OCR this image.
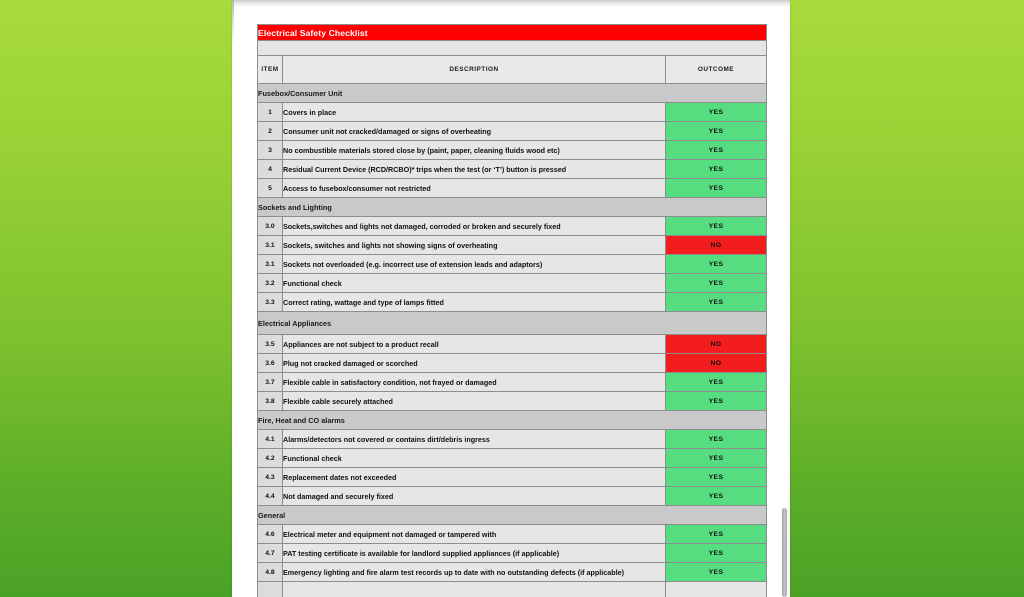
Electrical Safety Checklist		

ITEM	DESCRIPTION	OUTCOME
Fusebox/Consumer Unit		
1	Covers in place	YES
2	Consumer unit not cracked/damaged or signs of overheating	YES
3	No combustible materials stored close by (paint, paper, cleaning fluids wood etc)	YES
4	Residual Current Device (RCD/RCBO)* trips when the test (or ‘T’) button is pressed	YES
5	Access to fusebox/consumer not restricted	YES
Sockets and Lighting		
3.0	Sockets,switches and lights not damaged, corroded or broken and securely fixed	YES
3.1	Sockets, switches and lights not showing signs of overheating	NO
3.1	Sockets not overloaded (e.g. incorrect use of extension leads and adaptors)	YES
3.2	Functional check	YES
3.3	Correct rating, wattage and type of lamps fitted	YES
Electrical Appliances		
3.5	Appliances are not subject to a product recall	NO
3.6	Plug not cracked damaged or scorched	NO
3.7	Flexible cable in satisfactory condition, not frayed or damaged	YES
3.8	Flexible cable securely attached	YES
Fire, Heat and CO alarms		
4.1	Alarms/detectors not covered or contains dirt/debris ingress	YES
4.2	Functional check	YES
4.3	Replacement dates not exceeded	YES
4.4	Not damaged and securely fixed	YES
General		
4.6	Electrical meter and equipment not damaged or tampered with	YES
4.7	PAT testing certificate is available for landlord supplied appliances (if applicable)	YES
4.8	Emergency lighting and fire alarm test records up to date with no outstanding defects (if applicable)	YES
